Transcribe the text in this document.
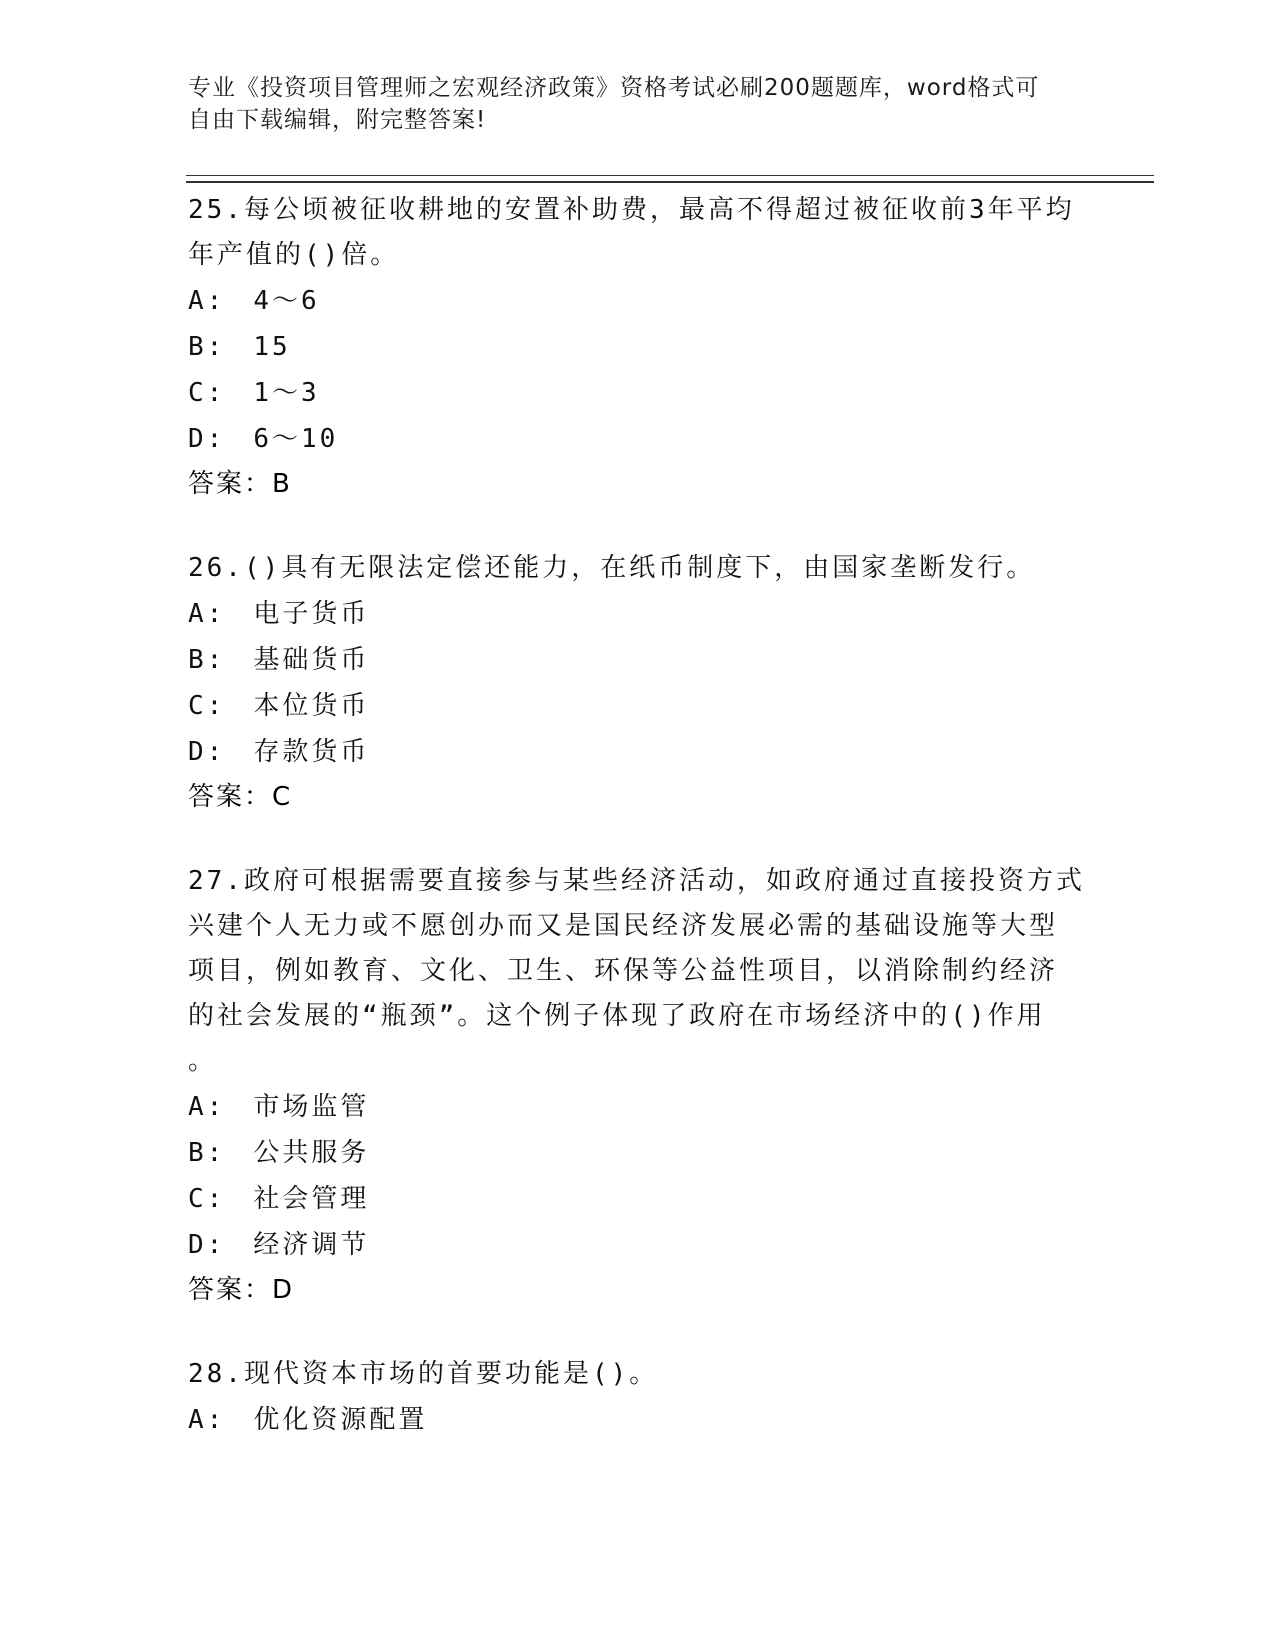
专业《投资项目管理师之宏观经济政策》资格考试必刷200题题库，word格式可
自由下载编辑，附完整答案!
25.每公顷被征收耕地的安置补助费，最高不得超过被征收前3年平均
年产值的()倍。
A: 4～6
B: 15
C: 1～3
D: 6～10
答案：B
26.()具有无限法定偿还能力，在纸币制度下，由国家垄断发行。
A: 电子货币
B: 基础货币
C: 本位货币
D: 存款货币
答案：C
27.政府可根据需要直接参与某些经济活动，如政府通过直接投资方式
兴建个人无力或不愿创办而又是国民经济发展必需的基础设施等大型
项目，例如教育、文化、卫生、环保等公益性项目，以消除制约经济
的社会发展的“瓶颈”。这个例子体现了政府在市场经济中的()作用
。
A: 市场监管
B: 公共服务
C: 社会管理
D: 经济调节
答案：D
28.现代资本市场的首要功能是()。
A: 优化资源配置
